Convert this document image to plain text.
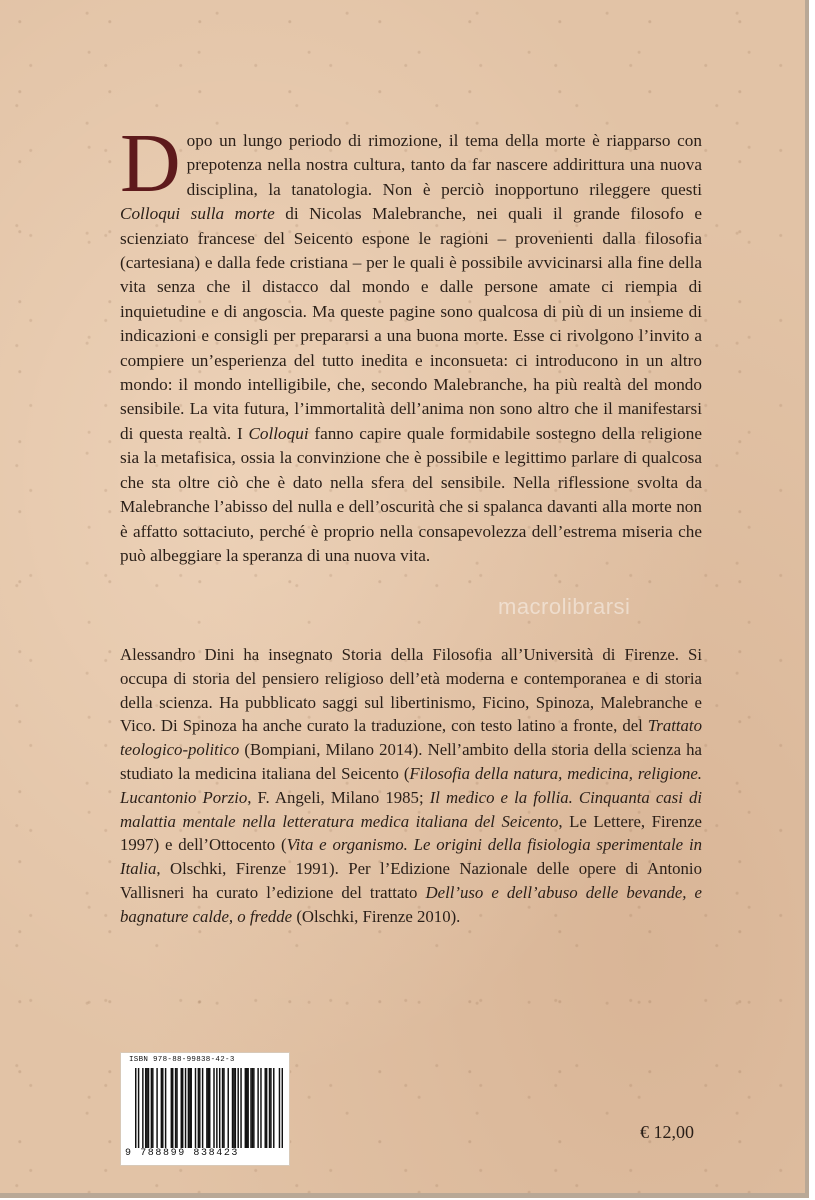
Dopo un lungo periodo di rimozione, il tema della morte è riapparso con prepotenza nella nostra cultura, tanto da far nascere addirittura una nuova disciplina, la tanatologia. Non è perciò inopportuno rileggere questi Colloqui sulla morte di Nicolas Malebranche, nei quali il grande filosofo e scienziato francese del Seicento espone le ragioni – provenienti dalla filosofia (cartesiana) e dalla fede cristiana – per le quali è possibile avvicinarsi alla fine della vita senza che il distacco dal mondo e dalle persone amate ci riempia di inquietudine e di angoscia. Ma queste pagine sono qualcosa di più di un insieme di indicazioni e consigli per prepararsi a una buona morte. Esse ci rivolgono l’invito a compiere un’esperienza del tutto inedita e inconsueta: ci introducono in un altro mondo: il mondo intelligibile, che, secondo Malebranche, ha più realtà del mondo sensibile. La vita futura, l’immortalità dell’anima non sono altro che il manifestarsi di questa realtà. I Colloqui fanno capire quale formidabile sostegno della religione sia la metafisica, ossia la convinzione che è possibile e legittimo parlare di qualcosa che sta oltre ciò che è dato nella sfera del sensibile. Nella riflessione svolta da Malebranche l’abisso del nulla e dell’oscurità che si spalanca davanti alla morte non è affatto sottaciuto, perché è proprio nella consapevolezza dell’estrema miseria che può albeggiare la speranza di una nuova vita.
macrolibrarsi
Alessandro Dini ha insegnato Storia della Filosofia all’Università di Firenze. Si occupa di storia del pensiero religioso dell’età moderna e contemporanea e di storia della scienza. Ha pubblicato saggi sul libertinismo, Ficino, Spinoza, Malebranche e Vico. Di Spinoza ha anche curato la traduzione, con testo latino a fronte, del Trattato teologico-politico (Bompiani, Milano 2014). Nell’ambito della storia della scienza ha studiato la medicina italiana del Seicento (Filosofia della natura, medicina, religione. Lucantonio Porzio, F. Angeli, Milano 1985; Il medico e la follia. Cinquanta casi di malattia mentale nella letteratura medica italiana del Seicento, Le Lettere, Firenze 1997) e dell’Ottocento (Vita e organismo. Le origini della fisiologia sperimentale in Italia, Olschki, Firenze 1991). Per l’Edizione Nazionale delle opere di Antonio Vallisneri ha curato l’edizione del trattato Dell’uso e dell’abuso delle bevande, e bagnature calde, o fredde (Olschki, Firenze 2010).
ISBN 978-88-99838-42-3
9 788899 838423
€ 12,00
